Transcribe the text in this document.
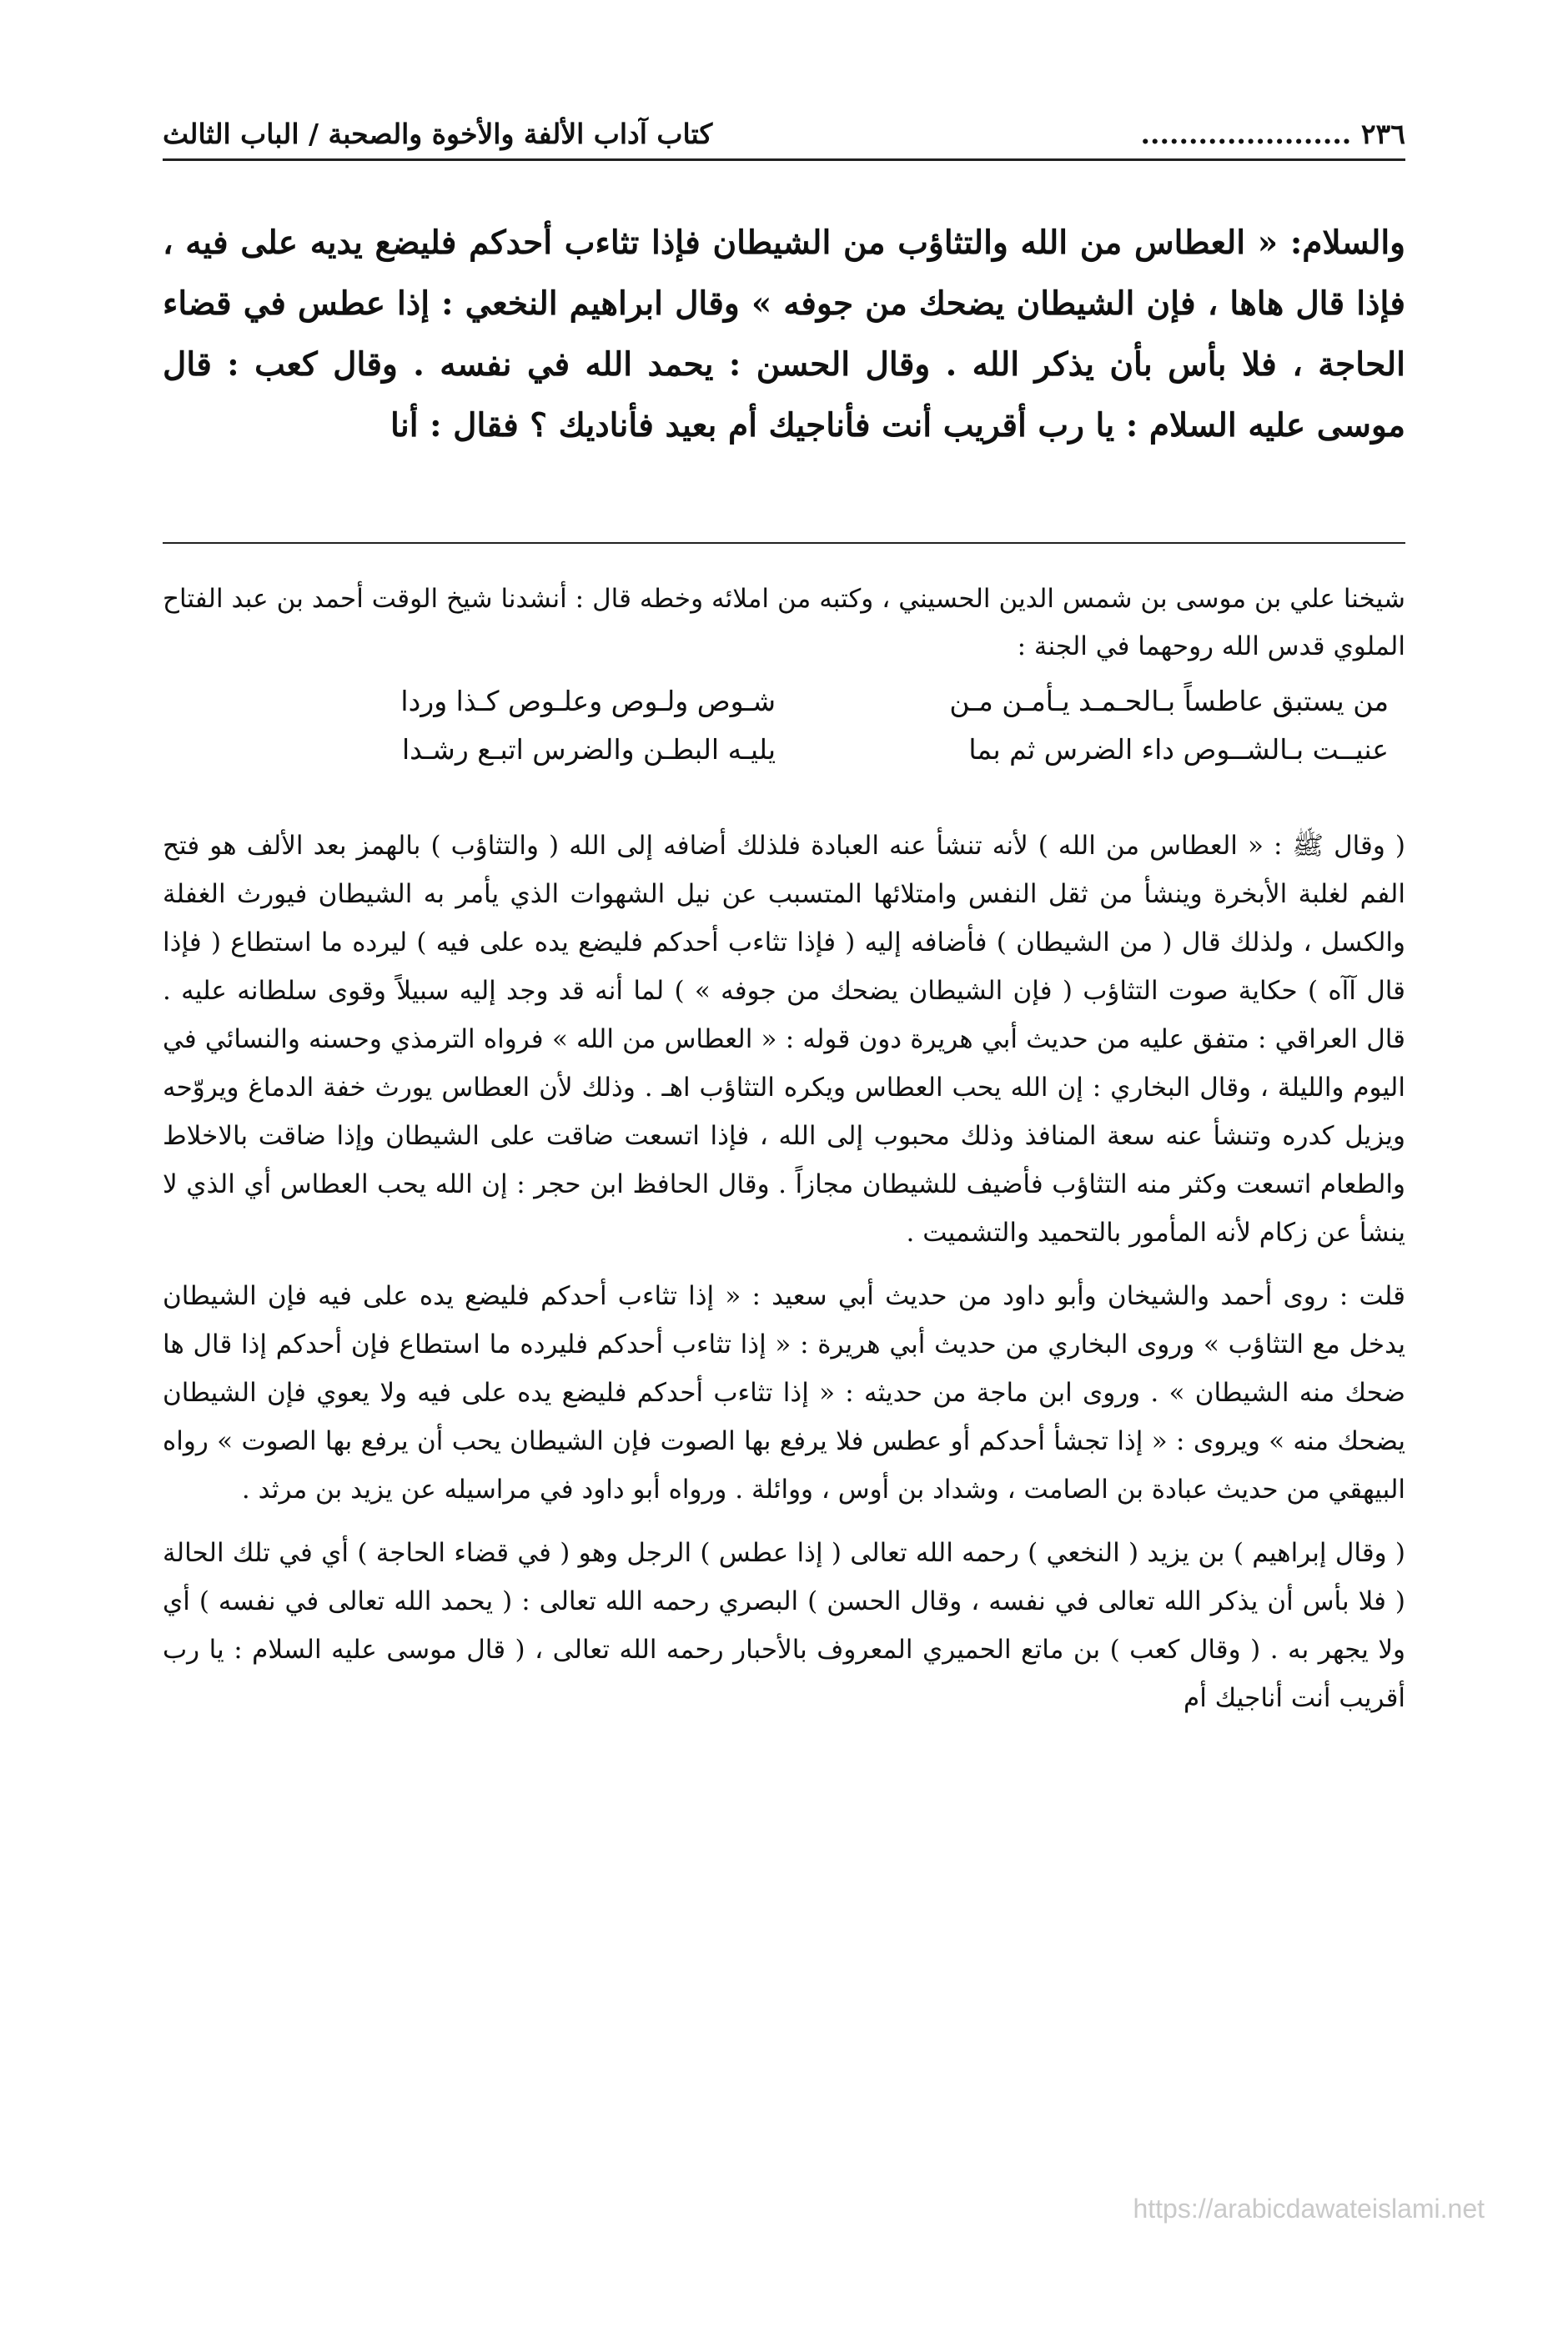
٢٣٦ ......................
كتاب آداب الألفة والأخوة والصحبة / الباب الثالث
والسلام: « العطاس من الله والتثاؤب من الشيطان فإذا تثاءب أحدكم فليضع يديه على فيه ، فإذا قال هاها ، فإن الشيطان يضحك من جوفه » وقال ابراهيم النخعي : إذا عطس في قضاء الحاجة ، فلا بأس بأن يذكر الله . وقال الحسن : يحمد الله في نفسه . وقال كعب : قال موسى عليه السلام : يا رب أقريب أنت فأناجيك أم بعيد فأناديك ؟ فقال : أنا

شيخنا علي بن موسى بن شمس الدين الحسيني ، وكتبه من املائه وخطه قال : أنشدنا شيخ الوقت أحمد بن عبد الفتاح الملوي قدس الله روحهما في الجنة :

من يستبق عاطساً بـالحـمـد يـأمـن مـن
شـوص ولـوص وعلـوص كـذا وردا
عنيــت بـالشــوص داء الضرس ثم بما
يليـه البطـن والضرس اتبـع رشـدا

( وقال ﷺ : « العطاس من الله ) لأنه تنشأ عنه العبادة فلذلك أضافه إلى الله ( والتثاؤب ) بالهمز بعد الألف هو فتح الفم لغلبة الأبخرة وينشأ من ثقل النفس وامتلائها المتسبب عن نيل الشهوات الذي يأمر به الشيطان فيورث الغفلة والكسل ، ولذلك قال ( من الشيطان ) فأضافه إليه ( فإذا تثاءب أحدكم فليضع يده على فيه ) ليرده ما استطاع ( فإذا قال آآه ) حكاية صوت التثاؤب ( فإن الشيطان يضحك من جوفه » ) لما أنه قد وجد إليه سبيلاً وقوى سلطانه عليه . قال العراقي : متفق عليه من حديث أبي هريرة دون قوله : « العطاس من الله » فرواه الترمذي وحسنه والنسائي في اليوم والليلة ، وقال البخاري : إن الله يحب العطاس ويكره التثاؤب اهـ . وذلك لأن العطاس يورث خفة الدماغ ويروّحه ويزيل كدره وتنشأ عنه سعة المنافذ وذلك محبوب إلى الله ، فإذا اتسعت ضاقت على الشيطان وإذا ضاقت بالاخلاط والطعام اتسعت وكثر منه التثاؤب فأضيف للشيطان مجازاً . وقال الحافظ ابن حجر : إن الله يحب العطاس أي الذي لا ينشأ عن زكام لأنه المأمور بالتحميد والتشميت .

قلت : روى أحمد والشيخان وأبو داود من حديث أبي سعيد : « إذا تثاءب أحدكم فليضع يده على فيه فإن الشيطان يدخل مع التثاؤب » وروى البخاري من حديث أبي هريرة : « إذا تثاءب أحدكم فليرده ما استطاع فإن أحدكم إذا قال ها ضحك منه الشيطان » . وروى ابن ماجة من حديثه : « إذا تثاءب أحدكم فليضع يده على فيه ولا يعوي فإن الشيطان يضحك منه » ويروى : « إذا تجشأ أحدكم أو عطس فلا يرفع بها الصوت فإن الشيطان يحب أن يرفع بها الصوت » رواه البيهقي من حديث عبادة بن الصامت ، وشداد بن أوس ، ووائلة . ورواه أبو داود في مراسيله عن يزيد بن مرثد .

( وقال إبراهيم ) بن يزيد ( النخعي ) رحمه الله تعالى ( إذا عطس ) الرجل وهو ( في قضاء الحاجة ) أي في تلك الحالة ( فلا بأس أن يذكر الله تعالى في نفسه ، وقال الحسن ) البصري رحمه الله تعالى : ( يحمد الله تعالى في نفسه ) أي ولا يجهر به . ( وقال كعب ) بن ماتع الحميري المعروف بالأحبار رحمه الله تعالى ، ( قال موسى عليه السلام : يا رب أقريب أنت أناجيك أم

https://arabicdawateislami.net
